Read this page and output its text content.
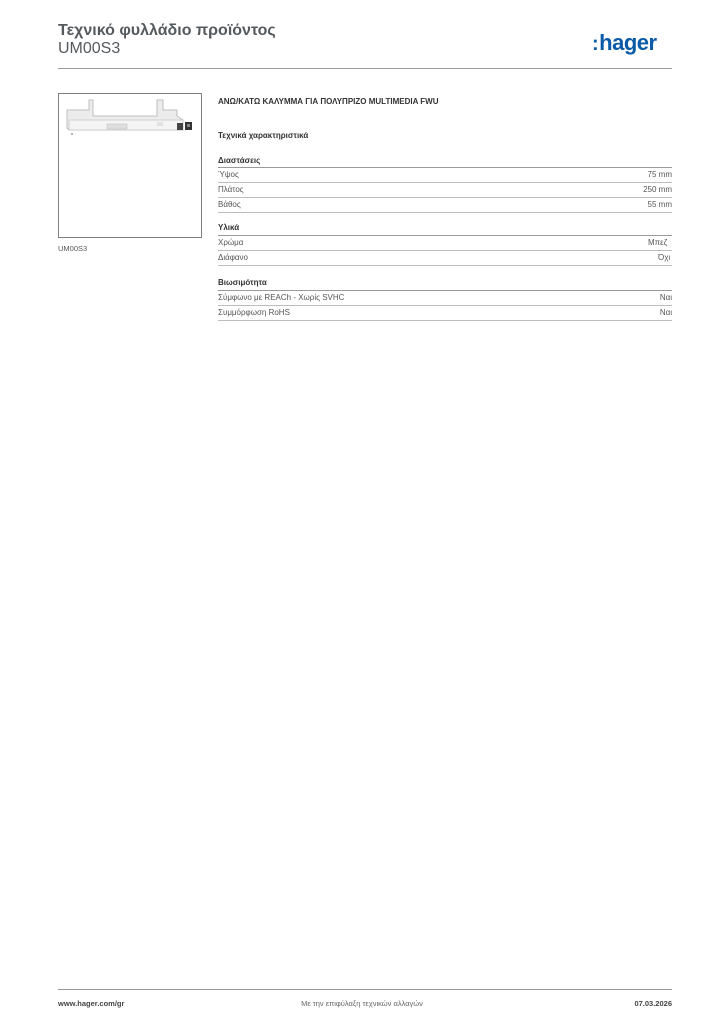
Τεχνικό φυλλάδιο προϊόντος
UM00S3	:hager
UM00S3
ΑΝΩ/ΚΑΤΩ ΚΑΛΥΜΜΑ ΓΙΑ ΠΟΛΥΠΡΙΖΟ MULTIMEDIA FWU
Τεχνικά χαρακτηριστικά
Διαστάσεις
Ύψος	75 mm
Πλάτος	250 mm
Βάθος	55 mm
Υλικά
Χρώμα	Μπεζ
Διάφανο	Όχι
Βιωσιμότητα
Σύμφωνο με REACh - Χωρίς SVHC	Ναι
Συμμόρφωση RoHS	Ναι
www.hager.com/gr	Με την επιφύλαξη τεχνικών αλλαγών	07.03.2026
